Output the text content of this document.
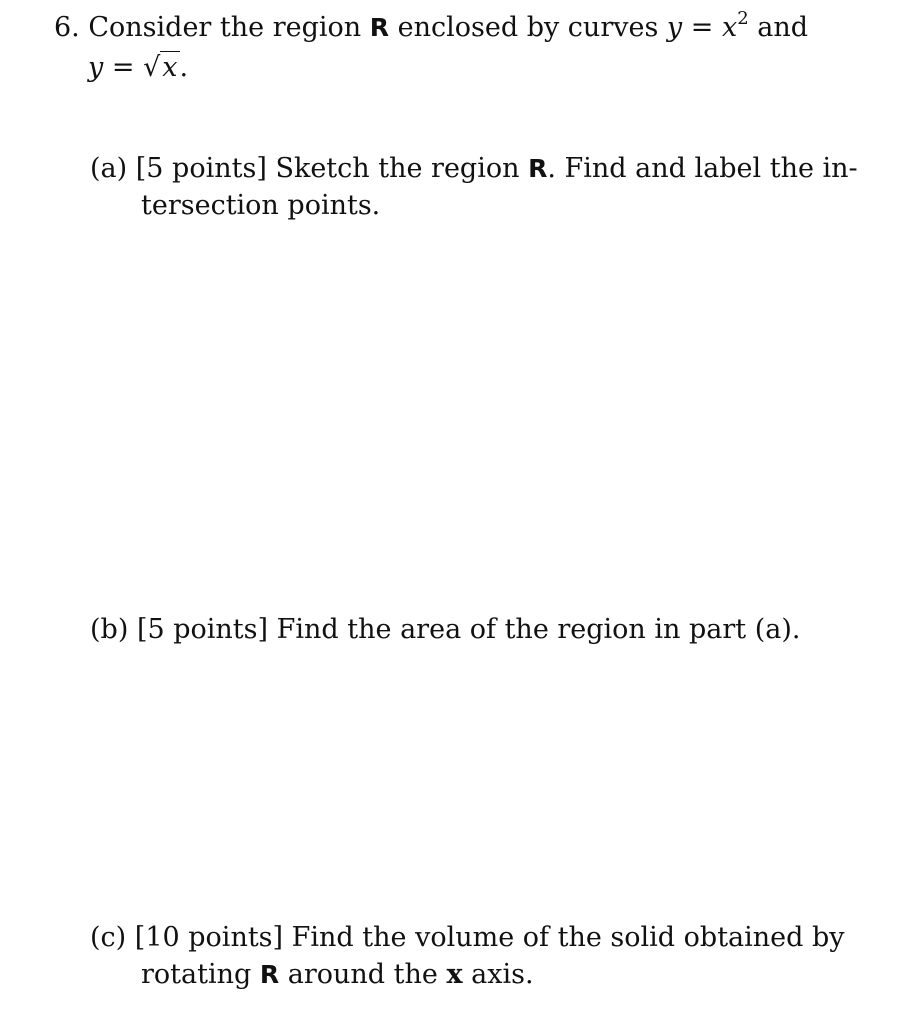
6. Consider the region R enclosed by curves $y = x^2$ and
y = √x.
(a) [5 points] Sketch the region R. Find and label the in-
tersection points.
(b) [5 points] Find the area of the region in part (a).
(c) [10 points] Find the volume of the solid obtained by
rotating R around the x axis.
